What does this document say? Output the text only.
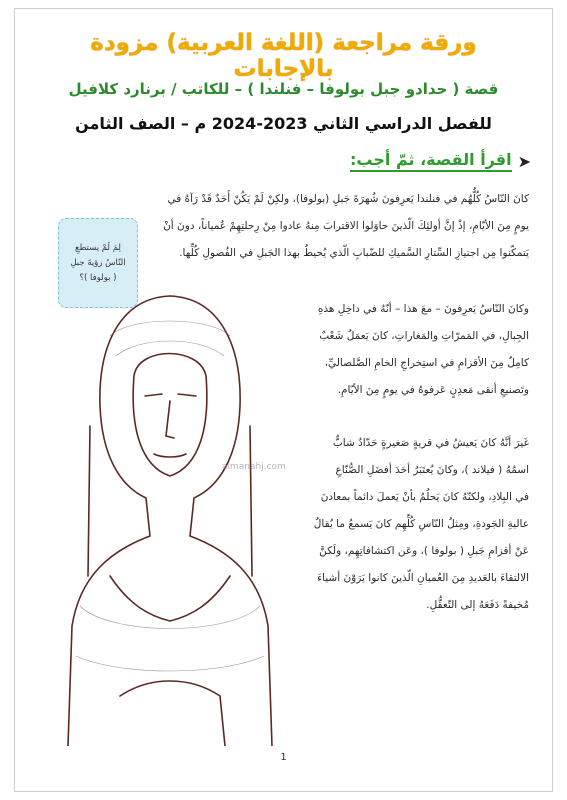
ورقة مراجعة (اللغة العربية) مزودة بالإجابات
قصة ( حدادو جبل بولوفا – فنلندا ) – للكاتب / برنارد كلافيل
للفصل الدراسي الثاني 2023-2024 م – الصف الثامن
➤
اقرأ القصة، ثمّ أجب:
كانَ النّاسُ كُلُّهُم في فنلندا يَعرِفونَ شُهرَةَ جَبلِ (بولوفا)، ولكِنْ لَمْ يَكُنْ أَحَدٌ قَدْ رَآهُ في
يومٍ مِنَ الأيّامِ، إذْ إنَّ أولئِكَ الّذينَ حاوَلوا الاقترابَ مِنهُ عادوا مِنْ رِحلتِهِمْ عُمياناً، دونَ أنْ
يَتمكّنوا مِن اجتيازِ السِّتارِ السَّميكِ للضّبابِ الّذي يُحيطُ بهذا الجَبلِ في الفُصولِ كُلِّها.
لِمَ لَمْ يستطعِ
النّاسُ رؤيةَ جبلِ
( بولوفا )؟
وكانَ النّاسُ يَعرِفونَ – معَ هذا – أنّهُ في داخِلِ هذهِ
الجِبالِ، في المَمرّاتِ والمَغاراتِ، كانَ يَعمَلُ شَعْبٌ
كامِلٌ مِنَ الأقزامِ في استِخراجِ الخامِ الصَّلصاليِّ،
وتَصنيعِ أنقى مَعدِنٍ عَرفوهُ في يومٍ مِنَ الأيّامِ.
غَيرَ أنَّهُ كانَ يَعيشُ في قريةٍ صَغيرةٍ حَدّادٌ شابٌّ
اسمُهُ ( فيلاند )، وكانَ يُعتَبَرُ أحَدَ أفضَلِ الصُّنّاعِ
في البِلادِ، ولكنّهُ كانَ يَحلُمُ بأنْ يَعملَ دائماً بمعادنَ
عاليةِ الجَودةِ، ومِثلُ النّاسِ كُلِّهِم كانَ يَسمعُ ما يُقالُ
عَنْ أقزامِ جَبلِ ( بولوفا )، وعَن اكتشافاتِهِم، ولَكنَّ
الالتقاءَ بالعَديدِ مِنَ العُميانِ الّذينَ كانوا يَرَوْنَ أشياءَ
مُخيفةً دَفَعَهُ إلى التّعقُّلِ.
almanahj.com
1
